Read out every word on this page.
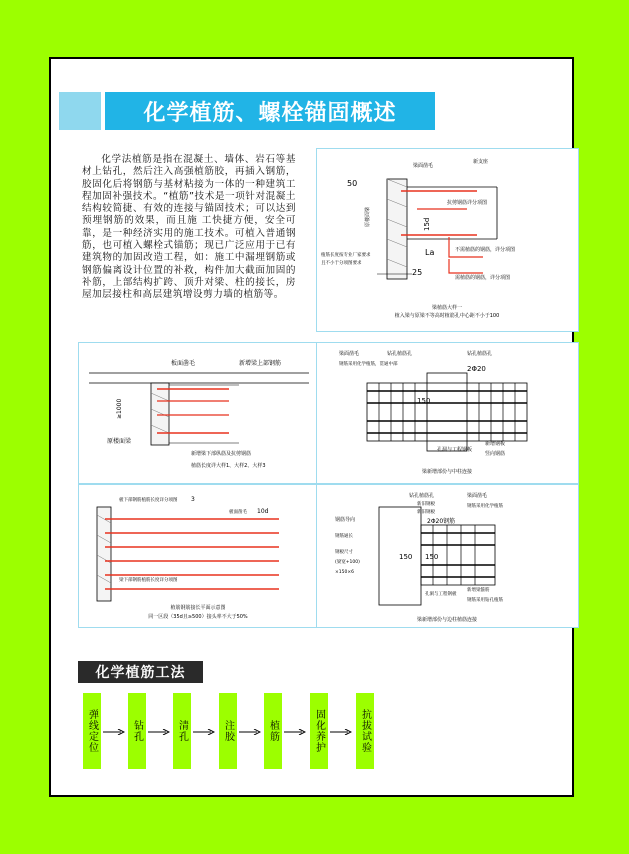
化学植筋、螺栓锚固概述
化学法植筋是指在混凝土、墙体、岩石等基材上钻孔，然后注入高强植筋胶，再插入钢筋，胶固化后将钢筋与基材粘接为一体的一种建筑工程加固补强技术。“植筋”技术是一项针对混凝土结构较简捷、有效的连接与锚固技术；可以达到预埋钢筋的效果，而且施 工快捷方便，安全可靠，是一种经济实用的施工技术。可植入普通钢筋，也可植入螺栓式锚筋；现已广泛应用于已有建筑物的加固改造工程，如：施工中漏埋钢筋或钢筋偏离设计位置的补救，构件加大截面加固的补筋，上部结构扩跨、顶升对梁、柱的接长，房屋加层接柱和高层建筑增设剪力墙的植筋等。
梁面凿毛
新支座
抗剪钢筋详分项图
原楼面梁
植筋长度按专业厂家要求
且不小于分项图要求
不需植筋的钢筋，详分项图
需植筋的钢筋，详分项图
50
15d
La
25
梁植筋大样一
植入梁与原梁不等高时植筋孔中心距不小于100
板面凿毛	新增梁上部钢筋
原楼面梁
新增梁下部纵筋及抗剪钢筋
植筋长度详大样1、大样2、大样3
≥1000
梁面凿毛	钻孔植筋孔	钻孔植筋孔
钢筋采用化学植筋，贯通中部
2Φ20
竖向钢筋
孔洞与工程钢板
新增钢板
150
梁新增部份与中柱连接
板下部钢筋植筋长度详分项图
板面凿毛
梁下部钢筋植筋长度详分项图
10d
3
植筋钢筋接长平面示意图
同一区段（35d且≥500）接头率不大于50%
钻孔植筋孔	梁面凿毛
钢筋导向
新旧钢板
新旧钢板
钢筋采用化学植筋
钢筋通长
2Φ20钢筋
钢板尺寸
(梁宽+100)
×150×6
孔洞与工程钢板
新增梁箍筋
钢筋采用钻孔植筋
150 150
梁新增部份与边柱植筋连接
化学植筋工法
弹线定位	钻孔	清孔	注胶	植筋	固化养护	抗拔试验
